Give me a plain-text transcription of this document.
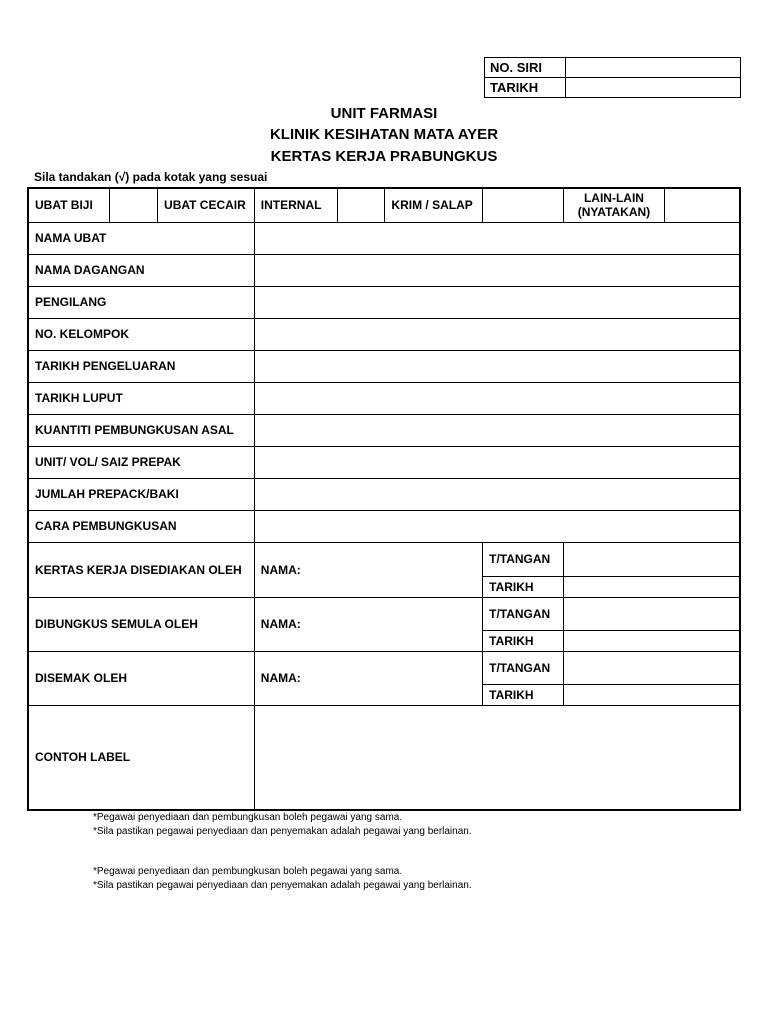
NO. SIRI	
TARIKH	
UNIT FARMASI
KLINIK KESIHATAN MATA AYER
KERTAS KERJA PRABUNGKUS
Sila tandakan (√) pada kotak yang sesuai
UBAT BIJI		UBAT CECAIR	INTERNAL		KRIM / SALAP		LAIN-LAIN
(NYATAKAN)	

NAMA UBAT								
NAMA DAGANGAN								
PENGILANG								
NO. KELOMPOK								
TARIKH PENGELUARAN								
TARIKH LUPUT								
KUANTITI PEMBUNGKUSAN ASAL								
UNIT/ VOL/ SAIZ PREPAK								
JUMLAH PREPACK/BAKI								
CARA PEMBUNGKUSAN								
KERTAS KERJA DISEDIAKAN OLEH			NAMA:			T/TANGAN		
						TARIKH		
DIBUNGKUS SEMULA OLEH			NAMA:			T/TANGAN		
						TARIKH		
DISEMAK OLEH			NAMA:			T/TANGAN		
						TARIKH		
CONTOH LABEL								
*Pegawai penyediaan dan pembungkusan boleh pegawai yang sama.
*Sila pastikan pegawai penyediaan dan penyemakan adalah pegawai yang berlainan.
*Pegawai penyediaan dan pembungkusan boleh pegawai yang sama.
*Sila pastikan pegawai penyediaan dan penyemakan adalah pegawai yang berlainan.
